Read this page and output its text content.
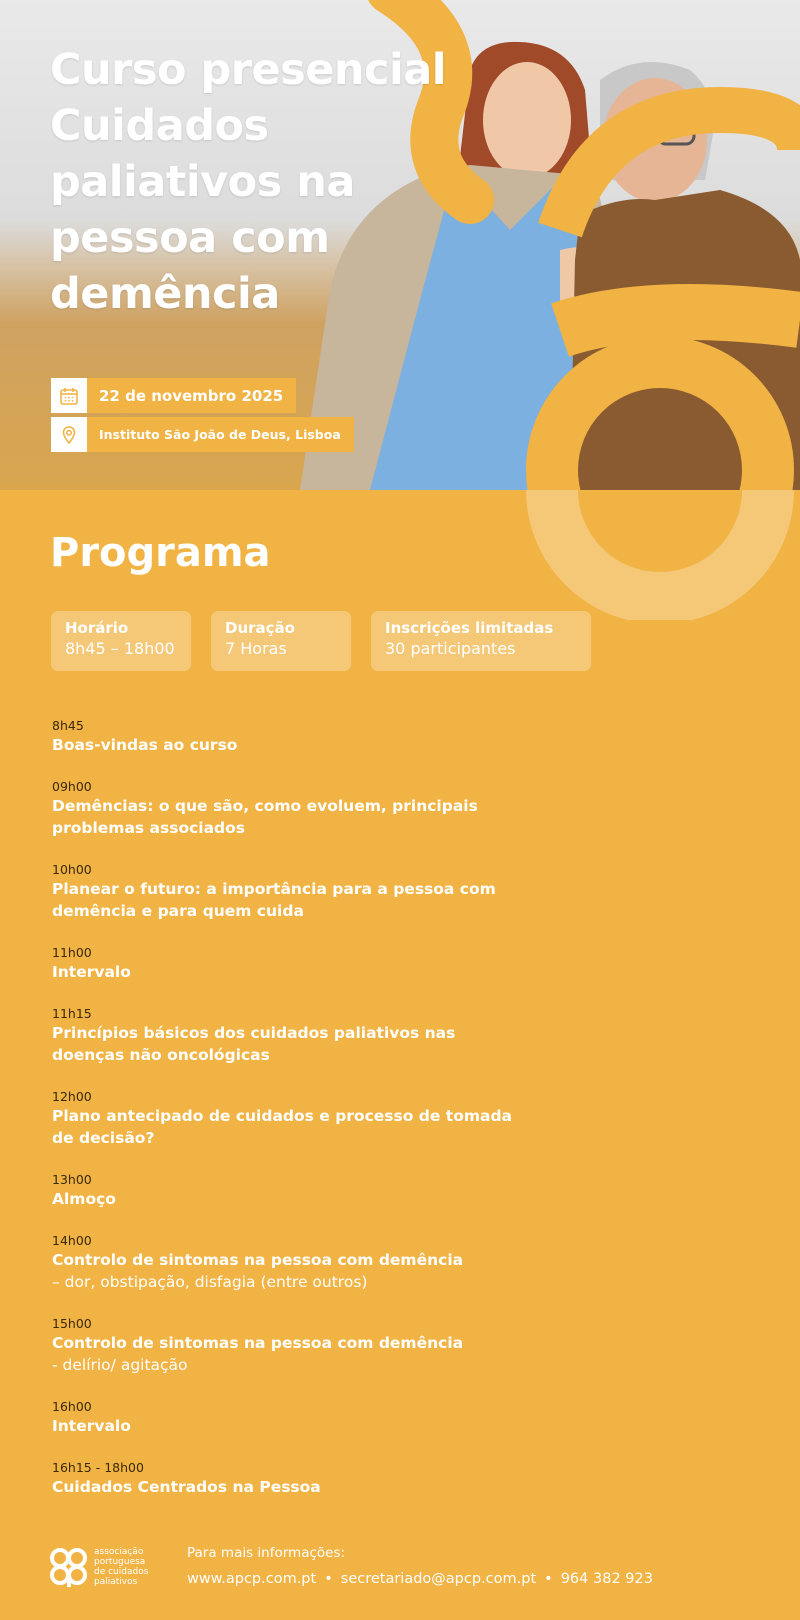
Curso presencial
Cuidados
paliativos na
pessoa com
demência
22 de novembro 2025
Instituto São João de Deus, Lisboa
Programa
Horário
8h45 – 18h00
Duração
7 Horas
Inscrições limitadas
30 participantes
8h45
Boas-vindas ao curso
09h00
Demências: o que são, como evoluem, principais problemas associados
10h00
Planear o futuro: a importância para a pessoa com demência e para quem cuida
11h00
Intervalo
11h15
Princípios básicos dos cuidados paliativos nas doenças não oncológicas
12h00
Plano antecipado de cuidados e processo de tomada de decisão?
13h00
Almoço
14h00
Controlo de sintomas na pessoa com demência
– dor, obstipação, disfagia (entre outros)
15h00
Controlo de sintomas na pessoa com demência
- delírio/ agitação
16h00
Intervalo
16h15 - 18h00
Cuidados Centrados na Pessoa
associação
portuguesa
de cuidados
paliativos
Para mais informações:
www.apcp.com.pt • secretariado@apcp.com.pt • 964 382 923
